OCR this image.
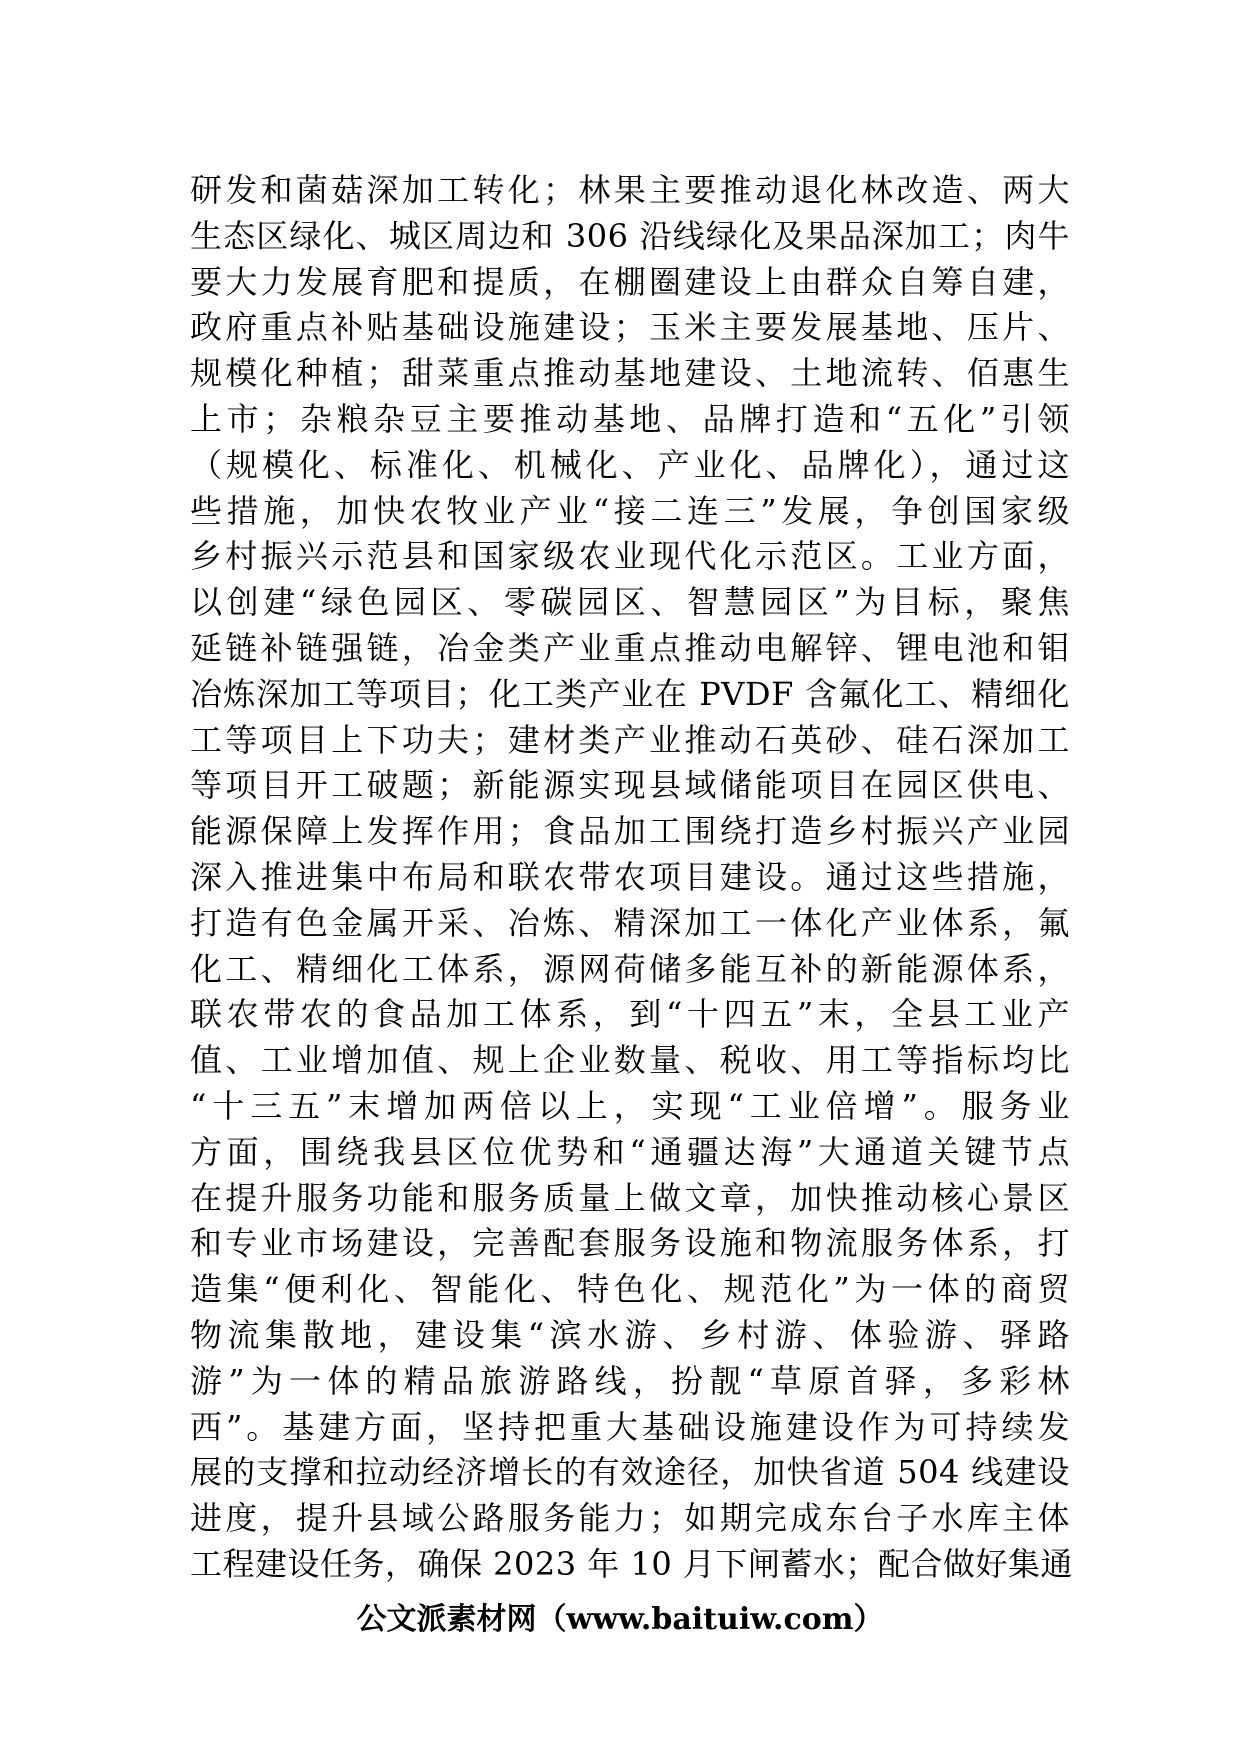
研发和菌菇深加工转化；林果主要推动退化林改造、两大
生态区绿化、城区周边和 306 沿线绿化及果品深加工；肉牛
要大力发展育肥和提质，在棚圈建设上由群众自筹自建，
政府重点补贴基础设施建设；玉米主要发展基地、压片、
规模化种植；甜菜重点推动基地建设、土地流转、佰惠生
上市；杂粮杂豆主要推动基地、品牌打造和“五化”引领
（规模化、标准化、机械化、产业化、品牌化），通过这
些措施，加快农牧业产业“接二连三”发展，争创国家级
乡村振兴示范县和国家级农业现代化示范区。工业方面，
以创建“绿色园区、零碳园区、智慧园区”为目标，聚焦
延链补链强链，冶金类产业重点推动电解锌、锂电池和钼
冶炼深加工等项目；化工类产业在 PVDF 含氟化工、精细化
工等项目上下功夫；建材类产业推动石英砂、硅石深加工
等项目开工破题；新能源实现县域储能项目在园区供电、
能源保障上发挥作用；食品加工围绕打造乡村振兴产业园
深入推进集中布局和联农带农项目建设。通过这些措施，
打造有色金属开采、冶炼、精深加工一体化产业体系，氟
化工、精细化工体系，源网荷储多能互补的新能源体系，
联农带农的食品加工体系，到“十四五”末，全县工业产
值、工业增加值、规上企业数量、税收、用工等指标均比
“十三五”末增加两倍以上，实现“工业倍增”。服务业
方面，围绕我县区位优势和“通疆达海”大通道关键节点
在提升服务功能和服务质量上做文章，加快推动核心景区
和专业市场建设，完善配套服务设施和物流服务体系，打
造集“便利化、智能化、特色化、规范化”为一体的商贸
物流集散地，建设集“滨水游、乡村游、体验游、驿路
游”为一体的精品旅游路线，扮靓“草原首驿，多彩林
西”。基建方面，坚持把重大基础设施建设作为可持续发
展的支撑和拉动经济增长的有效途径，加快省道 504 线建设
进度，提升县域公路服务能力；如期完成东台子水库主体
工程建设任务，确保 2023 年 10 月下闸蓄水；配合做好集通
公文派素材网（www.baituiw.com）
